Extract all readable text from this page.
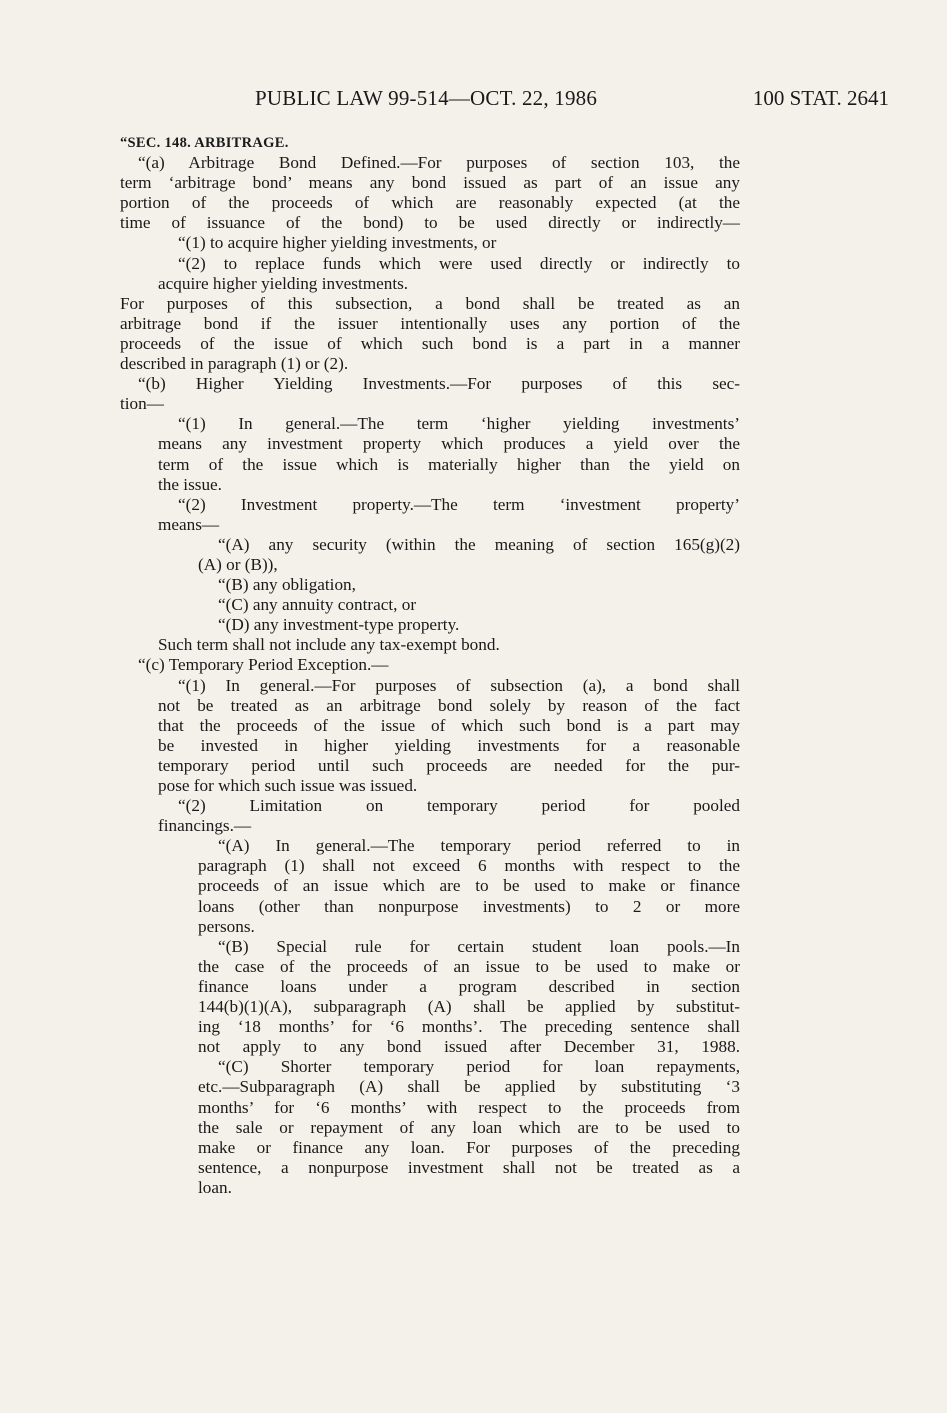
PUBLIC LAW 99-514—OCT. 22, 1986	100 STAT. 2641
“SEC. 148. ARBITRAGE.
“(a) Arbitrage Bond Defined.—For purposes of section 103, the
term ‘arbitrage bond’ means any bond issued as part of an issue any
portion of the proceeds of which are reasonably expected (at the
time of issuance of the bond) to be used directly or indirectly—
“(1) to acquire higher yielding investments, or
“(2) to replace funds which were used directly or indirectly to
acquire higher yielding investments.
For purposes of this subsection, a bond shall be treated as an
arbitrage bond if the issuer intentionally uses any portion of the
proceeds of the issue of which such bond is a part in a manner
described in paragraph (1) or (2).
“(b) Higher Yielding Investments.—For purposes of this sec-
tion—
“(1) In general.—The term ‘higher yielding investments’
means any investment property which produces a yield over the
term of the issue which is materially higher than the yield on
the issue.
“(2) Investment property.—The term ‘investment property’
means—
“(A) any security (within the meaning of section 165(g)(2)
(A) or (B)),
“(B) any obligation,
“(C) any annuity contract, or
“(D) any investment-type property.
Such term shall not include any tax-exempt bond.
“(c) Temporary Period Exception.—
“(1) In general.—For purposes of subsection (a), a bond shall
not be treated as an arbitrage bond solely by reason of the fact
that the proceeds of the issue of which such bond is a part may
be invested in higher yielding investments for a reasonable
temporary period until such proceeds are needed for the pur-
pose for which such issue was issued.
“(2) Limitation on temporary period for pooled
financings.—
“(A) In general.—The temporary period referred to in
paragraph (1) shall not exceed 6 months with respect to the
proceeds of an issue which are to be used to make or finance
loans (other than nonpurpose investments) to 2 or more
persons.
“(B) Special rule for certain student loan pools.—In
the case of the proceeds of an issue to be used to make or
finance loans under a program described in section
144(b)(1)(A), subparagraph (A) shall be applied by substitut-
ing ‘18 months’ for ‘6 months’. The preceding sentence shall
not apply to any bond issued after December 31, 1988.
“(C) Shorter temporary period for loan repayments,
etc.—Subparagraph (A) shall be applied by substituting ‘3
months’ for ‘6 months’ with respect to the proceeds from
the sale or repayment of any loan which are to be used to
make or finance any loan. For purposes of the preceding
sentence, a nonpurpose investment shall not be treated as a
loan.
